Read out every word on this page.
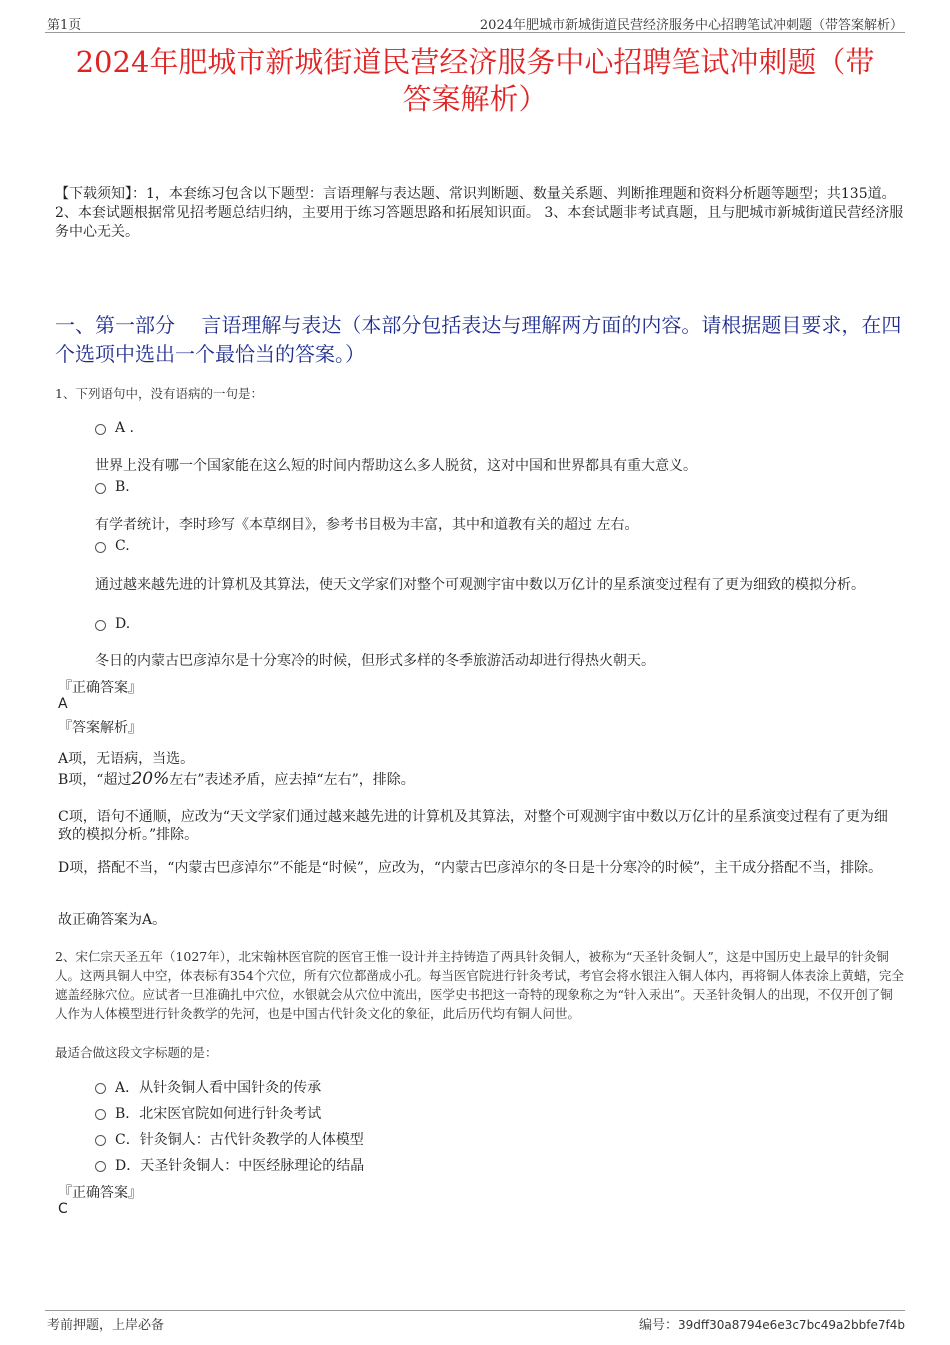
第1页	2024年肥城市新城街道民营经济服务中心招聘笔试冲刺题（带答案解析）
2024年肥城市新城街道民营经济服务中心招聘笔试冲刺题（带
答案解析）
【下载须知】：1，本套练习包含以下题型：言语理解与表达题、常识判断题、数量关系题、判断推理题和资料分析题等题型；共135道。 2、本套试题根据常见招考题总结归纳，主要用于练习答题思路和拓展知识面。 3、本套试题非考试真题，且与肥城市新城街道民营经济服务中心无关。
一、第一部分　 言语理解与表达（本部分包括表达与理解两方面的内容。请根据题目要求，在四个选项中选出一个最恰当的答案。）
1、下列语句中，没有语病的一句是：
A .
世界上没有哪一个国家能在这么短的时间内帮助这么多人脱贫，这对中国和世界都具有重大意义。
B.
有学者统计，李时珍写《本草纲目》，参考书目极为丰富，其中和道教有关的超过 左右。
C.
通过越来越先进的计算机及其算法，使天文学家们对整个可观测宇宙中数以万亿计的星系演变过程有了更为细致的模拟分析。
D.
冬日的内蒙古巴彦淖尔是十分寒冷的时候，但形式多样的冬季旅游活动却进行得热火朝天。
『正确答案』
A
『答案解析』
A项，无语病，当选。
B项，“超过20%左右”表述矛盾，应去掉“左右”，排除。
C项，语句不通顺，应改为“天文学家们通过越来越先进的计算机及其算法，对整个可观测宇宙中数以万亿计的星系演变过程有了更为细致的模拟分析。”排除。
D项，搭配不当，“内蒙古巴彦淖尔”不能是“时候”，应改为，“内蒙古巴彦淖尔的冬日是十分寒冷的时候”，主干成分搭配不当，排除。
故正确答案为A。
2、宋仁宗天圣五年（1027年），北宋翰林医官院的医官王惟一设计并主持铸造了两具针灸铜人，被称为“天圣针灸铜人”，这是中国历史上最早的针灸铜人。这两具铜人中空，体表标有354个穴位，所有穴位都凿成小孔。每当医官院进行针灸考试，考官会将水银注入铜人体内，再将铜人体表涂上黄蜡，完全遮盖经脉穴位。应试者一旦准确扎中穴位，水银就会从穴位中流出，医学史书把这一奇特的现象称之为“针入汞出”。天圣针灸铜人的出现，不仅开创了铜人作为人体模型进行针灸教学的先河，也是中国古代针灸文化的象征，此后历代均有铜人问世。
最适合做这段文字标题的是：
A．从针灸铜人看中国针灸的传承
B．北宋医官院如何进行针灸考试
C．针灸铜人：古代针灸教学的人体模型
D．天圣针灸铜人：中医经脉理论的结晶
『正确答案』
C
考前押题，上岸必备	编号：39dff30a8794e6e3c7bc49a2bbfe7f4b
